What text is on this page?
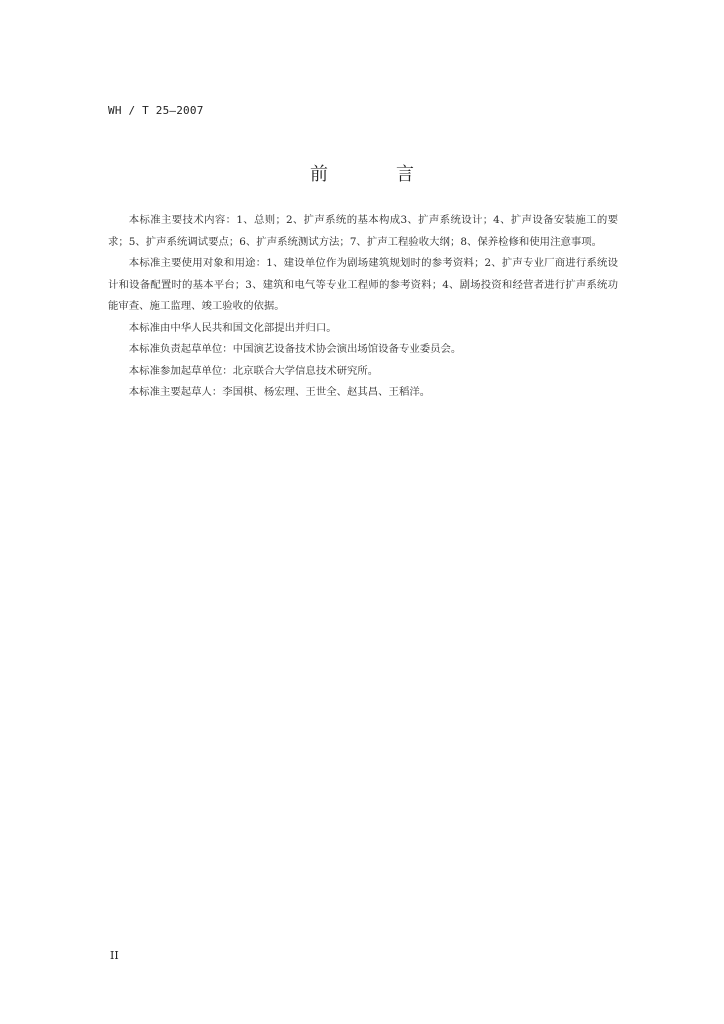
WH / T 25—2007
前	言

本标准主要技术内容：1、总则；2、扩声系统的基本构成3、扩声系统设计；4、扩声设备安装施工的要求；5、扩声系统调试要点；6、扩声系统测试方法；7、扩声工程验收大纲；8、保养检修和使用注意事项。

本标准主要使用对象和用途：1、建设单位作为剧场建筑规划时的参考资料；2、扩声专业厂商进行系统设计和设备配置时的基本平台；3、建筑和电气等专业工程师的参考资料；4、剧场投资和经营者进行扩声系统功能审查、施工监理、竣工验收的依据。

本标准由中华人民共和国文化部提出并归口。

本标准负责起草单位：中国演艺设备技术协会演出场馆设备专业委员会。

本标准参加起草单位：北京联合大学信息技术研究所。

本标准主要起草人：李国棋、杨宏理、王世全、赵其昌、王稻洋。

II
